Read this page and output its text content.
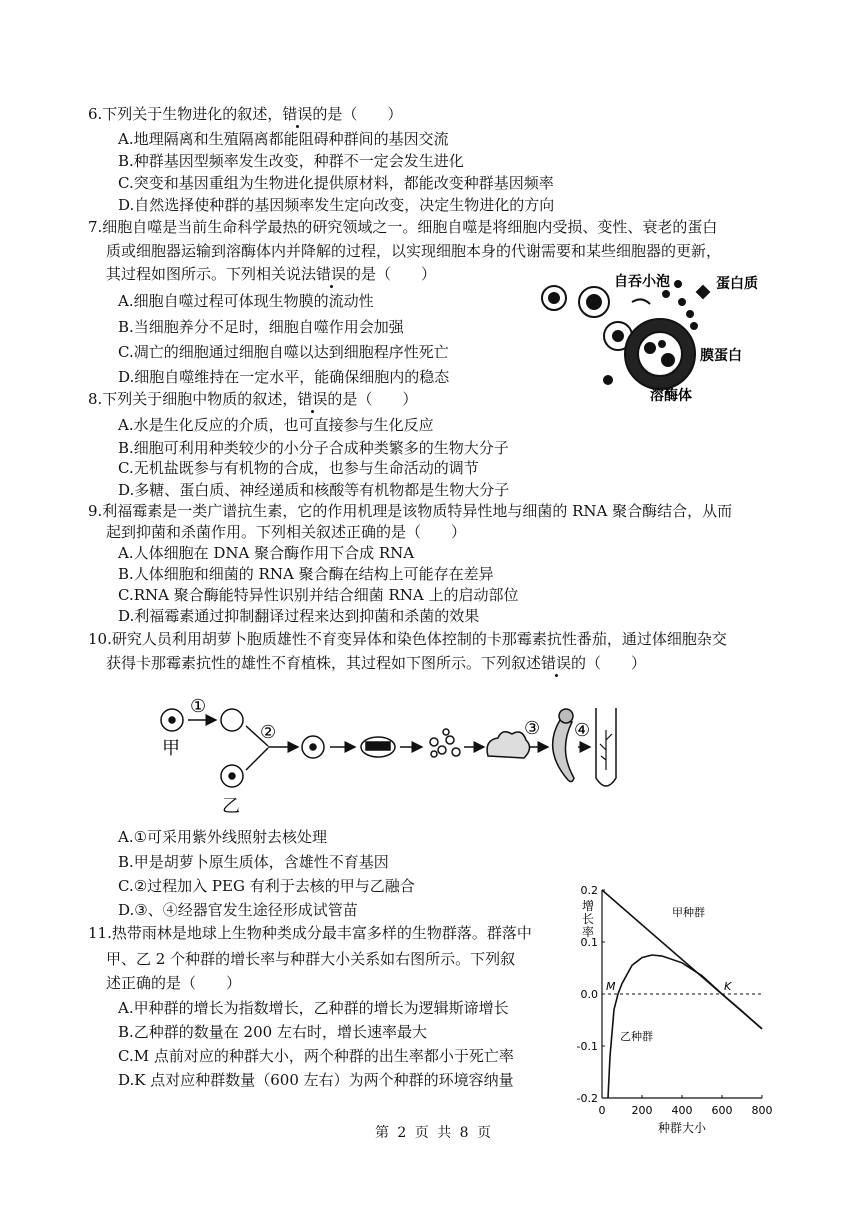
6.下列关于生物进化的叙述，错误的是（　　）
A.地理隔离和生殖隔离都能阻碍种群间的基因交流
B.种群基因型频率发生改变，种群不一定会发生进化
C.突变和基因重组为生物进化提供原材料，都能改变种群基因频率
D.自然选择使种群的基因频率发生定向改变，决定生物进化的方向
7.细胞自噬是当前生命科学最热的研究领域之一。细胞自噬是将细胞内受损、变性、衰老的蛋白
质或细胞器运输到溶酶体内并降解的过程，以实现细胞本身的代谢需要和某些细胞器的更新，
其过程如图所示。下列相关说法错误的是（　　）
A.细胞自噬过程可体现生物膜的流动性
B.当细胞养分不足时，细胞自噬作用会加强
C.凋亡的细胞通过细胞自噬以达到细胞程序性死亡
D.细胞自噬维持在一定水平，能确保细胞内的稳态
自吞小泡	蛋白质
膜蛋白
溶酶体
8.下列关于细胞中物质的叙述，错误的是（　　）
A.水是生化反应的介质，也可直接参与生化反应
B.细胞可利用种类较少的小分子合成种类繁多的生物大分子
C.无机盐既参与有机物的合成，也参与生命活动的调节
D.多糖、蛋白质、神经递质和核酸等有机物都是生物大分子
9.利福霉素是一类广谱抗生素，它的作用机理是该物质特异性地与细菌的 RNA 聚合酶结合，从而
起到抑菌和杀菌作用。下列相关叙述正确的是（　　）
A.人体细胞在 DNA 聚合酶作用下合成 RNA
B.人体细胞和细菌的 RNA 聚合酶在结构上可能存在差异
C.RNA 聚合酶能特异性识别并结合细菌 RNA 上的启动部位
D.利福霉素通过抑制翻译过程来达到抑菌和杀菌的效果
10.研究人员利用胡萝卜胞质雄性不育变异体和染色体控制的卡那霉素抗性番茄，通过体细胞杂交
获得卡那霉素抗性的雄性不育植株，其过程如下图所示。下列叙述错误的（　　）
①
②	③ ④
甲
乙
A.①可采用紫外线照射去核处理
B.甲是胡萝卜原生质体，含雄性不育基因
C.②过程加入 PEG 有利于去核的甲与乙融合
D.③、④经器官发生途径形成试管苗
11.热带雨林是地球上生物种类成分最丰富多样的生物群落。群落中
甲、乙 2 个种群的增长率与种群大小关系如右图所示。下列叙
述正确的是（　　）
A.甲种群的增长为指数增长，乙种群的增长为逻辑斯谛增长
B.乙种群的数量在 200 左右时，增长速率最大
C.M 点前对应的种群大小，两个种群的出生率都小于死亡率
D.K 点对应种群数量（600 左右）为两个种群的环境容纳量
0.2
0.1
0.0
-0.1
-0.2
0 200 400 600 800
增长率
种群大小
甲种群
乙种群
M	K
第 2 页 共 8 页
